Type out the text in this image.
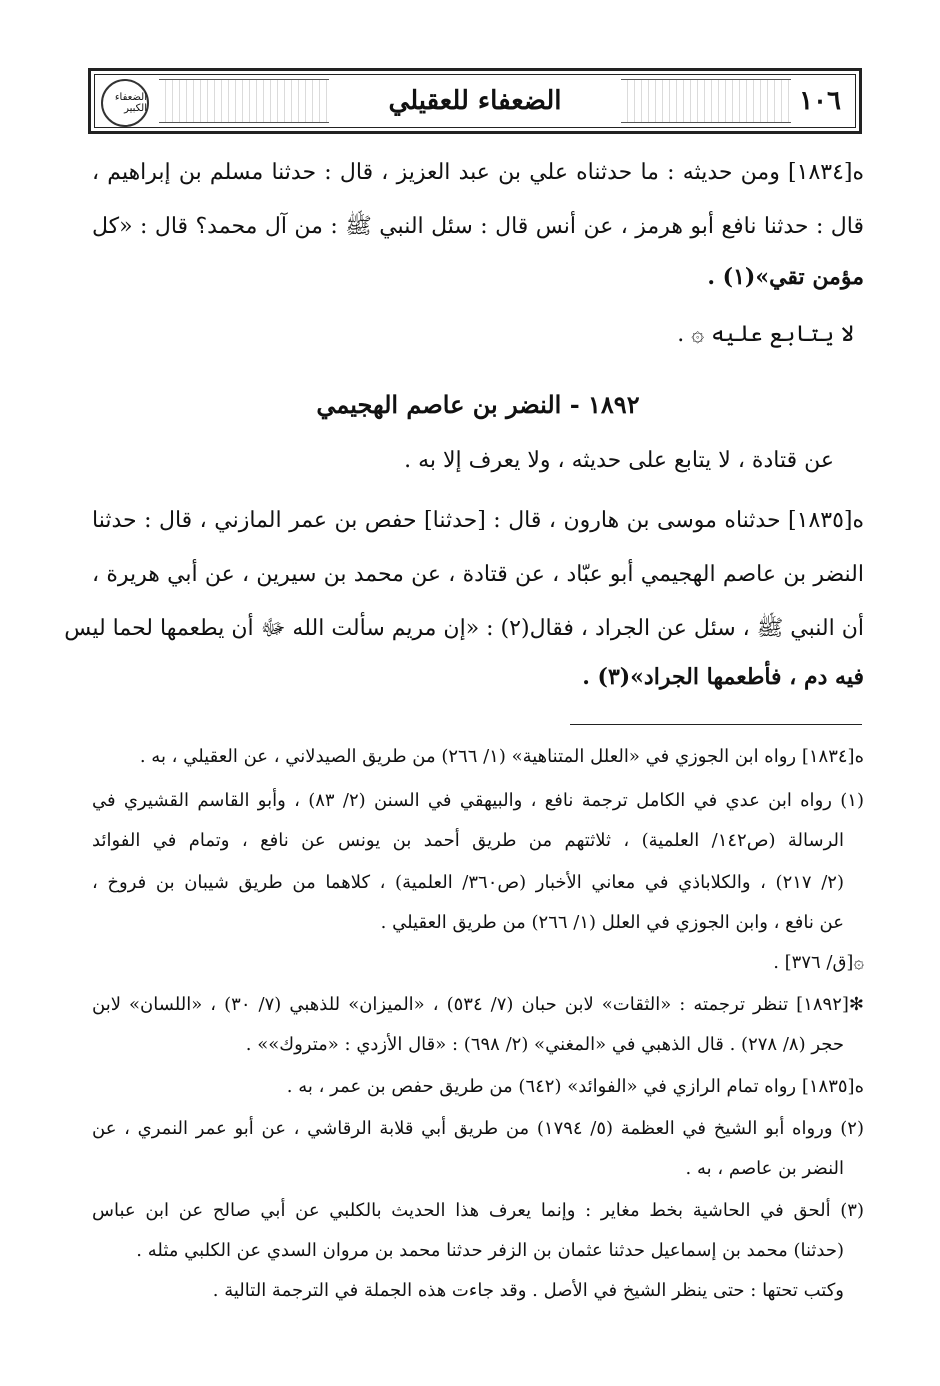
١٠٦
الضعفاء للعقيلي
الضعفاء الكبير
ه[١٨٣٤] ومن حديثه : ما حدثناه علي بن عبد العزيز ، قال : حدثنا مسلم بن إبراهيم ،
قال : حدثنا نافع أبو هرمز ، عن أنس قال : سئل النبي ﷺ : من آل محمد؟ قال : «كل
مؤمن تقي»(١) .
لا يتابع عليه ۞ .
١٨٩٢ - النضر بن عاصم الهجيمي
عن قتادة ، لا يتابع على حديثه ، ولا يعرف إلا به .
ه[١٨٣٥] حدثناه موسى بن هارون ، قال : [حدثنا] حفص بن عمر المازني ، قال : حدثنا
النضر بن عاصم الهجيمي أبو عبّاد ، عن قتادة ، عن محمد بن سيرين ، عن أبي هريرة ،
أن النبي ﷺ ، سئل عن الجراد ، فقال(٢) : «إن مريم سألت الله ﷻ أن يطعمها لحما ليس
فيه دم ، فأطعمها الجراد»(٣) .
ه[١٨٣٤] رواه ابن الجوزي في «العلل المتناهية» (١/ ٢٦٦) من طريق الصيدلاني ، عن العقيلي ، به .
(١) رواه ابن عدي في الكامل ترجمة نافع ، والبيهقي في السنن (٢/ ٨٣) ، وأبو القاسم القشيري في
الرسالة (ص١٤٢/ العلمية) ، ثلاثتهم من طريق أحمد بن يونس عن نافع ، وتمام في الفوائد
(٢/ ٢١٧) ، والكلاباذي في معاني الأخبار (ص٣٦٠/ العلمية) ، كلاهما من طريق شيبان بن فروخ ،
عن نافع ، وابن الجوزي في العلل (١/ ٢٦٦) من طريق العقيلي .
۞[ق/ ٣٧٦] .
✻[١٨٩٢] تنظر ترجمته : «الثقات» لابن حبان (٧/ ٥٣٤) ، «الميزان» للذهبي (٧/ ٣٠) ، «اللسان» لابن
حجر (٨/ ٢٧٨) . قال الذهبي في «المغني» (٢/ ٦٩٨) : «قال الأزدي : «متروك»» .
ه[١٨٣٥] رواه تمام الرازي في «الفوائد» (٦٤٢) من طريق حفص بن عمر ، به .
(٢) ورواه أبو الشيخ في العظمة (٥/ ١٧٩٤) من طريق أبي قلابة الرقاشي ، عن أبو عمر النمري ، عن
النضر بن عاصم ، به .
(٣) ألحق في الحاشية بخط مغاير : وإنما يعرف هذا الحديث بالكلبي عن أبي صالح عن ابن عباس
(حدثنا) محمد بن إسماعيل حدثنا عثمان بن الزفر حدثنا محمد بن مروان السدي عن الكلبي مثله .
وكتب تحتها : حتى ينظر الشيخ في الأصل . وقد جاءت هذه الجملة في الترجمة التالية .
